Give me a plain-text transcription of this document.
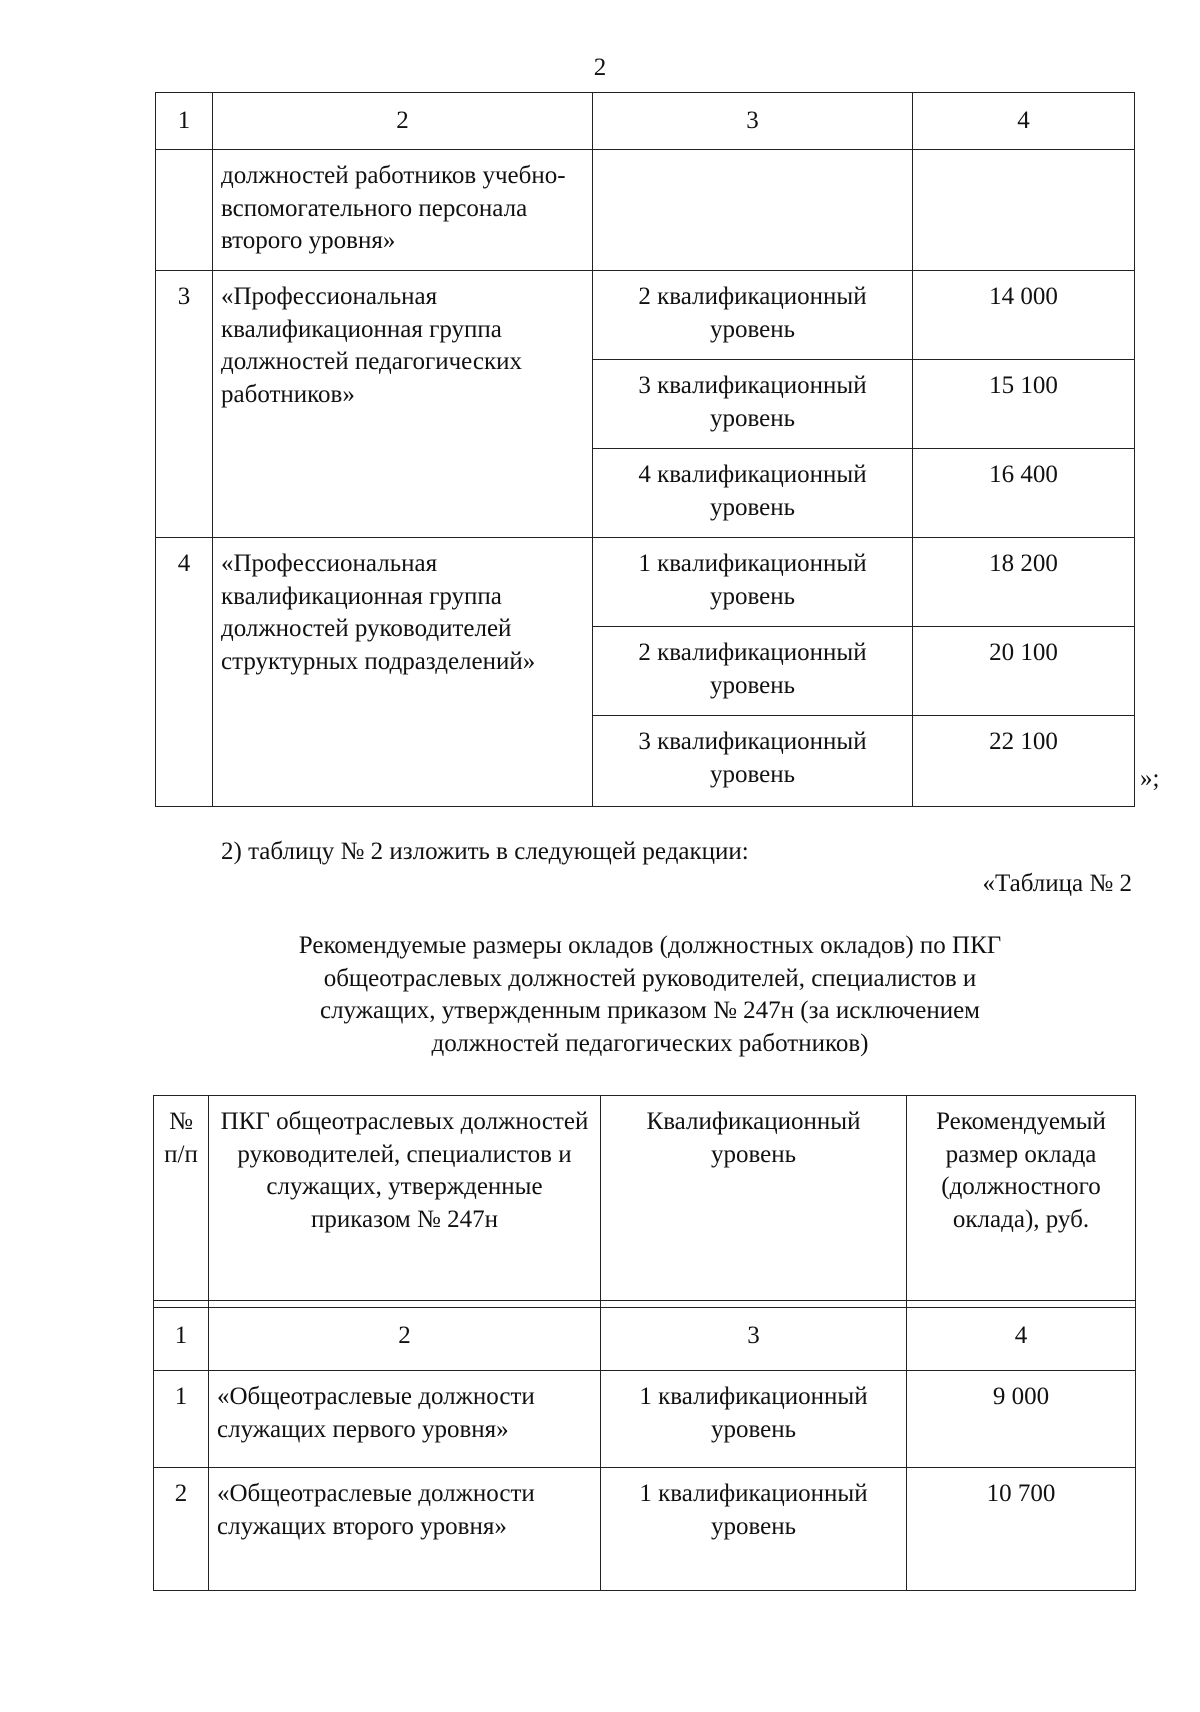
2
1	2	3	4
	должностей работников учебно-вспомогательного персонала второго уровня»		
3	«Профессиональная квалификационная группа должностей педагогических работников»	2 квалификационный уровень	14 000
		3 квалификационный уровень	15 100
		4 квалификационный уровень	16 400
4	«Профессиональная квалификационная группа должностей руководителей структурных подразделений»	1 квалификационный уровень	18 200
		2 квалификационный уровень	20 100
		3 квалификационный уровень	22 100
»;
2) таблицу № 2 изложить в следующей редакции:
«Таблица № 2
Рекомендуемые размеры окладов (должностных окладов) по ПКГ
общеотраслевых должностей руководителей, специалистов и
служащих, утвержденным приказом № 247н (за исключением
должностей педагогических работников)
№ п/п	ПКГ общеотраслевых должностей руководителей, специалистов и служащих, утвержденные приказом № 247н	Квалификационный уровень	Рекомендуемый размер оклада (должностного оклада), руб.

1	2	3	4
1	«Общеотраслевые должности служащих первого уровня»	1 квалификационный уровень	9 000
2	«Общеотраслевые должности служащих второго уровня»	1 квалификационный уровень	10 700
